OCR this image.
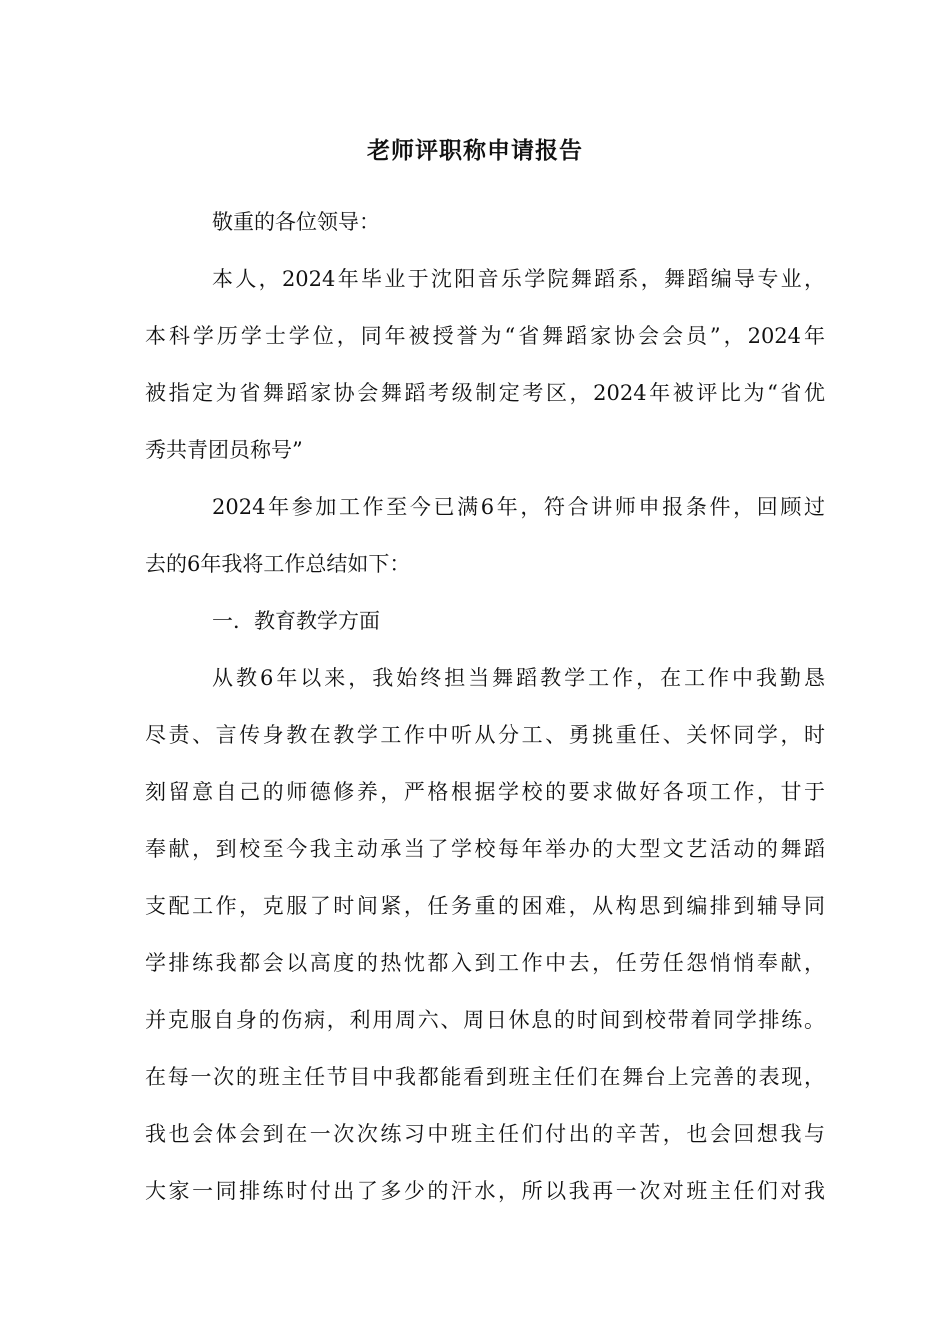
老师评职称申请报告
敬重的各位领导：
本人，2024年毕业于沈阳音乐学院舞蹈系，舞蹈编导专业，
本科学历学士学位，同年被授誉为“省舞蹈家协会会员”，2024年
被指定为省舞蹈家协会舞蹈考级制定考区，2024年被评比为“省优
秀共青团员称号”
2024年参加工作至今已满6年，符合讲师申报条件，回顾过
去的6年我将工作总结如下：
一．教育教学方面
从教6年以来，我始终担当舞蹈教学工作，在工作中我勤恳
尽责、言传身教在教学工作中听从分工、勇挑重任、关怀同学，时
刻留意自己的师德修养，严格根据学校的要求做好各项工作，甘于
奉献，到校至今我主动承当了学校每年举办的大型文艺活动的舞蹈
支配工作，克服了时间紧，任务重的困难，从构思到编排到辅导同
学排练我都会以高度的热忱都入到工作中去，任劳任怨悄悄奉献，
并克服自身的伤病，利用周六、周日休息的时间到校带着同学排练。
在每一次的班主任节目中我都能看到班主任们在舞台上完善的表现，
我也会体会到在一次次练习中班主任们付出的辛苦，也会回想我与
大家一同排练时付出了多少的汗水，所以我再一次对班主任们对我
